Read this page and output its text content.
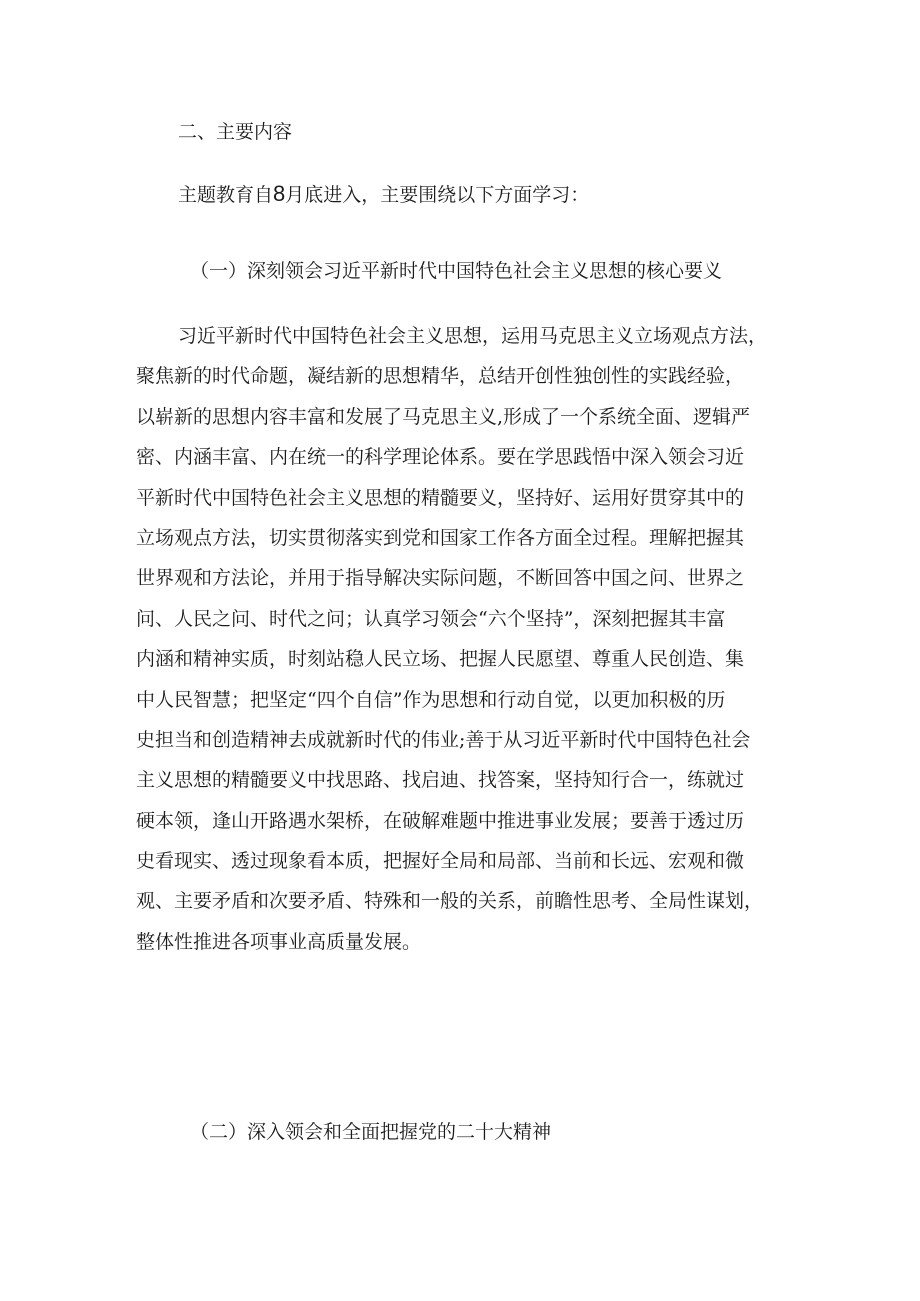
二、主要内容
主题教育自8月底进入，主要围绕以下方面学习：
（一）深刻领会习近平新时代中国特色社会主义思想的核心要义
习近平新时代中国特色社会主义思想，运用马克思主义立场观点方法，
聚焦新的时代命题，凝结新的思想精华，总结开创性独创性的实践经验，
以崭新的思想内容丰富和发展了马克思主义,形成了一个系统全面、逻辑严
密、内涵丰富、内在统一的科学理论体系。要在学思践悟中深入领会习近
平新时代中国特色社会主义思想的精髓要义，坚持好、运用好贯穿其中的
立场观点方法，切实贯彻落实到党和国家工作各方面全过程。理解把握其
世界观和方法论，并用于指导解决实际问题，不断回答中国之问、世界之
问、人民之问、时代之问；认真学习领会“六个坚持”，深刻把握其丰富
内涵和精神实质，时刻站稳人民立场、把握人民愿望、尊重人民创造、集
中人民智慧；把坚定“四个自信”作为思想和行动自觉，以更加积极的历
史担当和创造精神去成就新时代的伟业;善于从习近平新时代中国特色社会
主义思想的精髓要义中找思路、找启迪、找答案，坚持知行合一，练就过
硬本领，逢山开路遇水架桥，在破解难题中推进事业发展；要善于透过历
史看现实、透过现象看本质，把握好全局和局部、当前和长远、宏观和微
观、主要矛盾和次要矛盾、特殊和一般的关系，前瞻性思考、全局性谋划，
整体性推进各项事业高质量发展。
（二）深入领会和全面把握党的二十大精神
